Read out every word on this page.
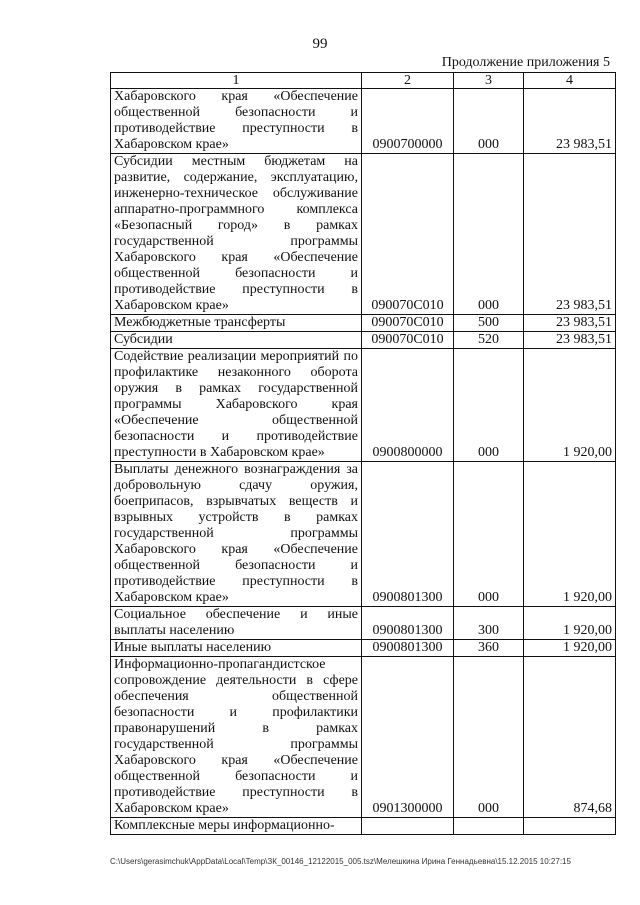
99
Продолжение приложения 5
1	2	3	4
Хабаровского края «Обеспечение общественной безопасности и противодействие преступности в Хабаровском крае»	0900700000	000	23 983,51
Субсидии местным бюджетам на развитие, содержание, эксплуатацию, инженерно-техническое обслуживание аппаратно-программного комплекса «Безопасный город» в рамках государственной программы Хабаровского края «Обеспечение общественной безопасности и противодействие преступности в Хабаровском крае»	090070С010	000	23 983,51
Межбюджетные трансферты	090070С010	500	23 983,51
Субсидии	090070С010	520	23 983,51
Содействие реализации мероприятий по профилактике незаконного оборота оружия в рамках государственной программы Хабаровского края «Обеспечение общественной безопасности и противодействие преступности в Хабаровском крае»	0900800000	000	1 920,00
Выплаты денежного вознаграждения за добровольную сдачу оружия, боеприпасов, взрывчатых веществ и взрывных устройств в рамках государственной программы Хабаровского края «Обеспечение общественной безопасности и противодействие преступности в Хабаровском крае»	0900801300	000	1 920,00
Социальное обеспечение и иные выплаты населению	0900801300	300	1 920,00
Иные выплаты населению	0900801300	360	1 920,00
Информационно-пропагандистское сопровождение деятельности в сфере обеспечения общественной безопасности и профилактики правонарушений в рамках государственной программы Хабаровского края «Обеспечение общественной безопасности и противодействие преступности в Хабаровском крае»	0901300000	000	874,68
Комплексные меры информационно-			
C:\Users\gerasimchuk\AppData\Local\Temp\ЗК_00146_12122015_005.tsz\Мелешкина Ирина Геннадьевна\15.12.2015 10:27:15
